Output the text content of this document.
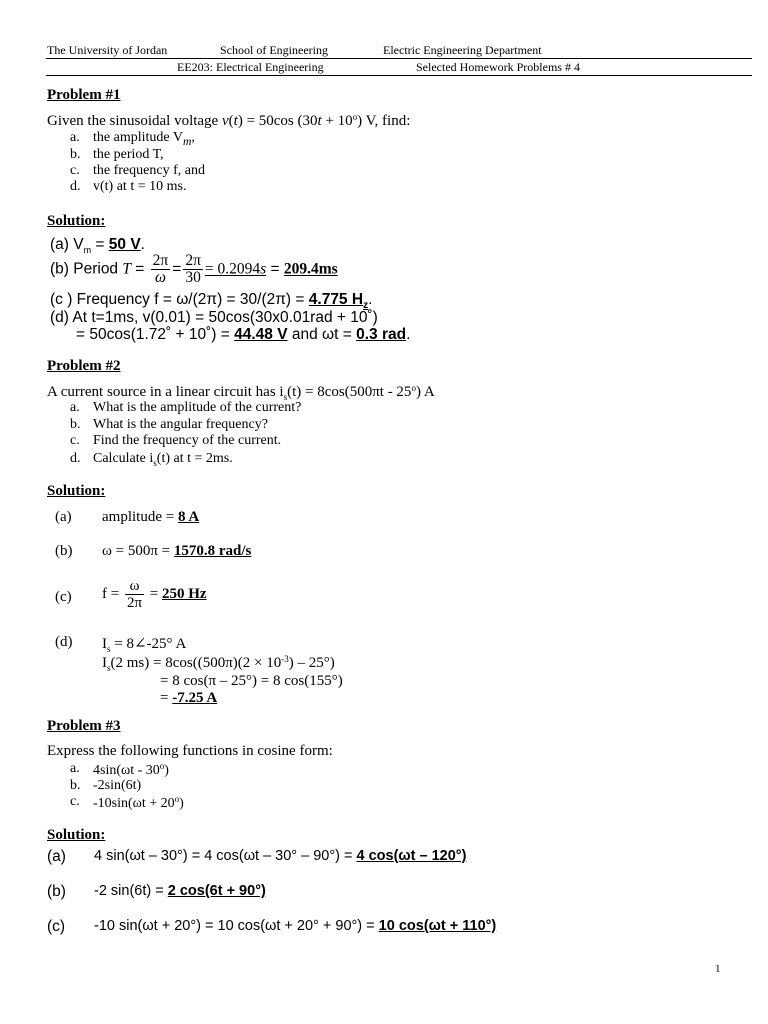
The University of Jordan	School of Engineering	Electric Engineering Department
EE203: Electrical Engineering	Selected Homework Problems # 4
Problem #1
Given the sinusoidal voltage v(t) = 50cos $(30t + 10^o)$ V, find:
a. the amplitude $V_m$,
b. the period T,
c. the frequency f, and
d. v(t) at t = 10 ms.
Solution:
(a) $V_m = 50$ V.
(b) Period $T = \frac{2\pi}{\omega} = \frac{2\pi}{30} = 0.2094s = 209.4ms$
(c ) Frequency f = ω/(2π) = 30/(2π) = 4.775 $H_z$.
(d) At t=1ms, v(0.01) = 50cos(30x0.01rad + 10˚)
= 50cos(1.72˚ + 10˚) = 44.48 V and ωt = 0.3 rad.
Problem #2
A current source in a linear circuit has $i_s(t) = 8\cos(500\pi t - 25^o)$ A
a. What is the amplitude of the current?
b. What is the angular frequency?
c. Find the frequency of the current.
d. Calculate $i_s(t)$ at t = 2ms.
Solution:
(a) amplitude = 8 A
(b) ω = 500π = 1570.8 rad/s
(c) $f = \frac{\omega}{2\pi} = 250$ Hz
(d) $I_s$ = 8∠-25° A
$I_s(2$ $ms) = 8\cos((500\pi)(2 \times 10^{-3}) - 25^\circ)$
= 8 cos(π – 25°) = 8 cos(155°)
= -7.25 A
Problem #3
Express the following functions in cosine form:
a. 4sin(ωt - 30$^o$)
b. -2sin(6t)
c. $-10\sin(\omega t + 20^o)$
Solution:
(a) 4 sin(ωt – 30°) = 4 cos(ωt – 30° – 90°) = 4 cos(ωt – 120°)
(b) -2 sin(6t) = 2 cos(6t + 90°)
(c) -10 sin(ωt + 20°) = 10 cos(ωt + 20° + 90°) = 10 cos(ωt + 110°)
1
